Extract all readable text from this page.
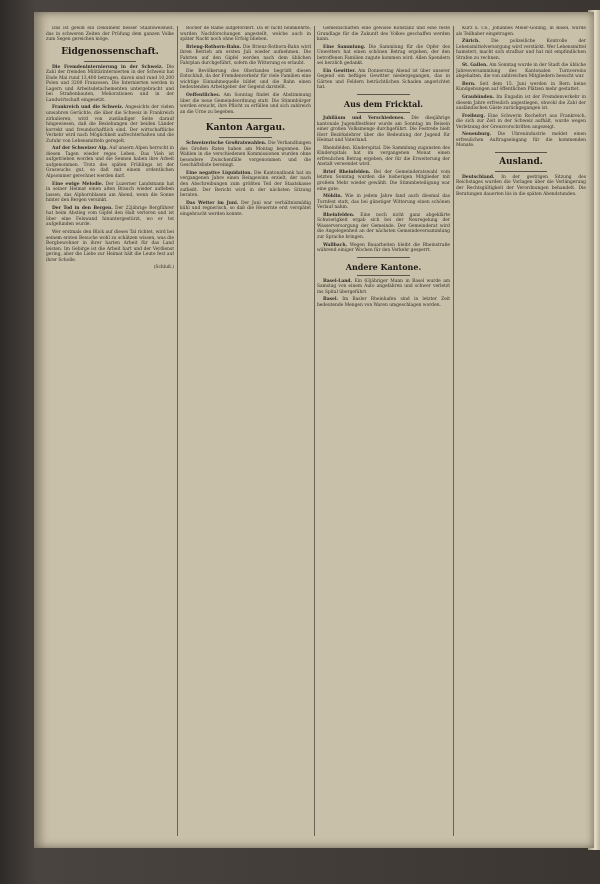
Das ist gewiß ein Dokument besser Staatsweisheit, das in schweren Zeiten der Prüfung dem ganzen Volke zum Segen gereichen möge.

Eidgenossenschaft.

Die Fremdeninternierung in der Schweiz. Die Zahl der fremden Militärinternierten in der Schweiz hat Ende Mai rund 13,400 betragen, davon sind rund 10,200 Polen und 3200 Franzosen. Die Internierten werden in Lagern und Arbeitsdetachementen untergebracht und bei Straßenbauten, Meliorationen und in der Landwirtschaft eingesetzt.

Frankreich und die Schweiz. Angesichts der vielen unwahren Gerüchte, die über die Schweiz in Frankreich zirkulieren, wird von zuständiger Seite darauf hingewiesen, daß die Beziehungen der beiden Länder korrekt und freundschaftlich sind. Der wirtschaftliche Verkehr wird nach Möglichkeit aufrechterhalten und die Zufuhr von Lebensmitteln geregelt.

Auf der Schweizer Alp. Auf unsern Alpen herrscht in diesen Tagen wieder reges Leben. Das Vieh ist aufgetrieben worden und die Sennen haben ihre Arbeit aufgenommen. Trotz des späten Frühlings ist der Graswuchs gut, so daß mit einem ordentlichen Alpsommer gerechnet werden darf.

Eine ewige Melodie. Der Luzerner Landsmann hat in seiner Heimat einen alten Brauch wieder aufleben lassen, das Alphornblasen am Abend, wenn die Sonne hinter den Bergen versinkt.

Der Tod in den Bergen. Der 22jährige Bergführer hat beim Abstieg vom Gipfel den Halt verloren und ist über eine Felswand hinuntergestürzt, wo er tot aufgefunden wurde.

Wer erstmals den Blick auf dieses Tal richtet, wird bei seinem ersten Besuche wohl zu schätzen wissen, was die Bergbewohner in ihrer harten Arbeit für das Land leisten. Im Gebirge ist die Arbeit hart und der Verdienst gering, aber die Liebe zur Heimat hält die Leute fest auf ihrer Scholle.

(Schluß.)

Rocher de Rame aufgefordert. Da er nicht heimkehrte, wurden Nachforschungen angestellt, welche auch in später Nacht noch ohne Erfolg blieben.

Brieng-Rothorn-Bahn. Die Brienz-Rothorn-Bahn wird ihren Betrieb am ersten Juli wieder aufnehmen. Die Fahrten auf den Gipfel werden nach dem üblichen Fahrplan durchgeführt, sofern die Witterung es erlaubt.

Die Bevölkerung des Oberlandes begrüßt diesen Entschluß, da der Fremdenverkehr für viele Familien eine wichtige Einnahmequelle bildet und die Bahn einen bedeutenden Arbeitgeber der Gegend darstellt.

Oeffentliches. Am Sonntag findet die Abstimmung über die neue Gemeindeordnung statt. Die Stimmbürger werden ersucht, ihre Pflicht zu erfüllen und sich zahlreich an die Urne zu begeben.

Kanton Aargau.

Schweizerische Großratswahlen. Die Verhandlungen des Großen Rates haben am Montag begonnen. Die Wahlen in die verschiedenen Kommissionen wurden ohne besondere Zwischenfälle vorgenommen und die Geschäftsliste bereinigt.

Eine negative Liquidation. Die Kantonalbank hat im vergangenen Jahre einen Reingewinn erzielt, der nach den Abschreibungen zum größten Teil der Staatskasse zufließt. Der Bericht wird in der nächsten Sitzung beraten.

Das Wetter im Juni. Der Juni war verhältnismäßig kühl und regnerisch, so daß die Heuernte erst verspätet eingebracht werden konnte.

Gemeinschaften eine gewisse Konstanz und eine feste Grundlage für die Zukunft des Volkes geschaffen werden kann.

Eine Sammlung. Die Sammlung für die Opfer des Unwetters hat einen schönen Betrag ergeben, der den betroffenen Familien zugute kommen wird. Allen Spendern sei herzlich gedankt.

Ein Gewitter. Am Donnerstag Abend ist über unserer Gegend ein heftiges Gewitter niedergegangen, das in Gärten und Feldern beträchtlichen Schaden angerichtet hat.

Aus dem Fricktal.

Jubiläum und Verschiedenes. Die diesjährige kantonale Jugendfestfeier wurde am Sonntag im Beisein einer großen Volksmenge durchgeführt. Die Festrede hielt Herr Bezirkslehrer über die Bedeutung der Jugend für Heimat und Vaterland.

Rheinfelden. Kinderspital. Die Sammlung zugunsten des Kinderspitals hat im vergangenen Monat einen erfreulichen Betrag ergeben, der für die Erweiterung der Anstalt verwendet wird.

Brief Rheinfelden. Bei der Gemeinderatswahl vom letzten Sonntag wurden die bisherigen Mitglieder mit großem Mehr wieder gewählt. Die Stimmbeteiligung war eine gute.

Möhlin. Wie in jedem Jahre fand auch diesmal das Turnfest statt, das bei günstiger Witterung einen schönen Verlauf nahm.

Rheinfelden. Eine noch nicht ganz abgeklärte Schwierigkeit ergab sich bei der Neuregelung der Wasserversorgung der Gemeinde. Der Gemeinderat wird die Angelegenheit an der nächsten Gemeindeversammlung zur Sprache bringen.

Wallbach. Wegen Bauarbeiten bleibt die Rheinstraße während einiger Wochen für den Verkehr gesperrt.

Andere Kantone.

Basel-Land. Ein 63jähriger Mann in Basel wurde am Samstag von einem Auto angefahren und schwer verletzt ins Spital übergeführt.

Basel. Im Basler Rheinhafen sind in letzter Zeit bedeutende Mengen von Waren umgeschlagen worden.

Kurz u. Co., Johannes Meier-Golling, in Basel, wurde als Teilhaber eingetragen.

Zürich.	Die polizeiliche Kontrolle der Lebensmittelversorgung wird verstärkt. Wer Lebensmittel hamstert, macht sich strafbar und hat mit empfindlichen Strafen zu rechnen.

St. Gallen. Am Sonntag wurde in der Stadt die übliche Jahresversammlung des Kantonalen Turnvereins abgehalten, die von zahlreichen Mitgliedern besucht war.

Bern. Seit dem 15. Juni werden in Bern keine Kundgebungen auf öffentlichen Plätzen mehr gestattet.

Graubünden. Im Engadin ist der Fremdenverkehr in diesem Jahre erfreulich angestiegen, obwohl die Zahl der ausländischen Gäste zurückgegangen ist.

Freiburg. Eine Schwerin Rochefort aus Frankreich, die sich zur Zeit in der Schweiz aufhält, wurde wegen Verletzung der Grenzvorschriften angezeigt.

Neuenburg. Die Uhrenindustrie meldet einen erfreulichen Auftragseingang für die kommenden Monate.

Ausland.

Deutschland. In der gestrigen Sitzung des Reichstages wurden die Vorlagen über die Verlängerung der Rechtsgültigkeit der Verordnungen behandelt. Die Beratungen dauerten bis in die späten Abendstunden.
